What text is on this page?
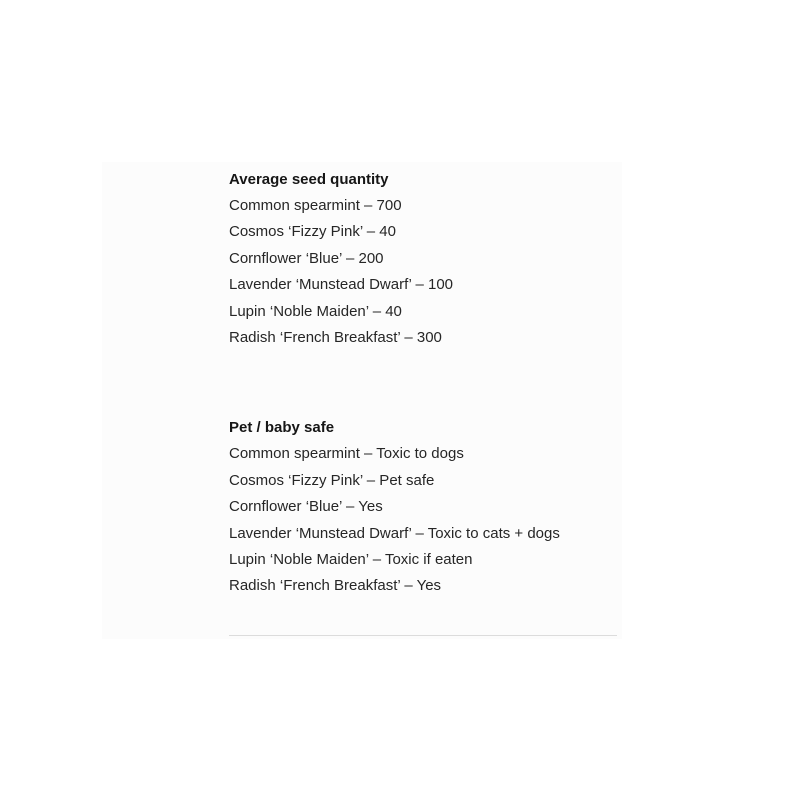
Average seed quantity
Common spearmint – 700
Cosmos ‘Fizzy Pink’ – 40
Cornflower ‘Blue’ – 200
Lavender ‘Munstead Dwarf’ – 100
Lupin ‘Noble Maiden’ – 40
Radish ‘French Breakfast’ – 300
Pet / baby safe
Common spearmint – Toxic to dogs
Cosmos ‘Fizzy Pink’ – Pet safe
Cornflower ‘Blue’ – Yes
Lavender ‘Munstead Dwarf’ – Toxic to cats + dogs
Lupin ‘Noble Maiden’ – Toxic if eaten
Radish ‘French Breakfast’ – Yes
